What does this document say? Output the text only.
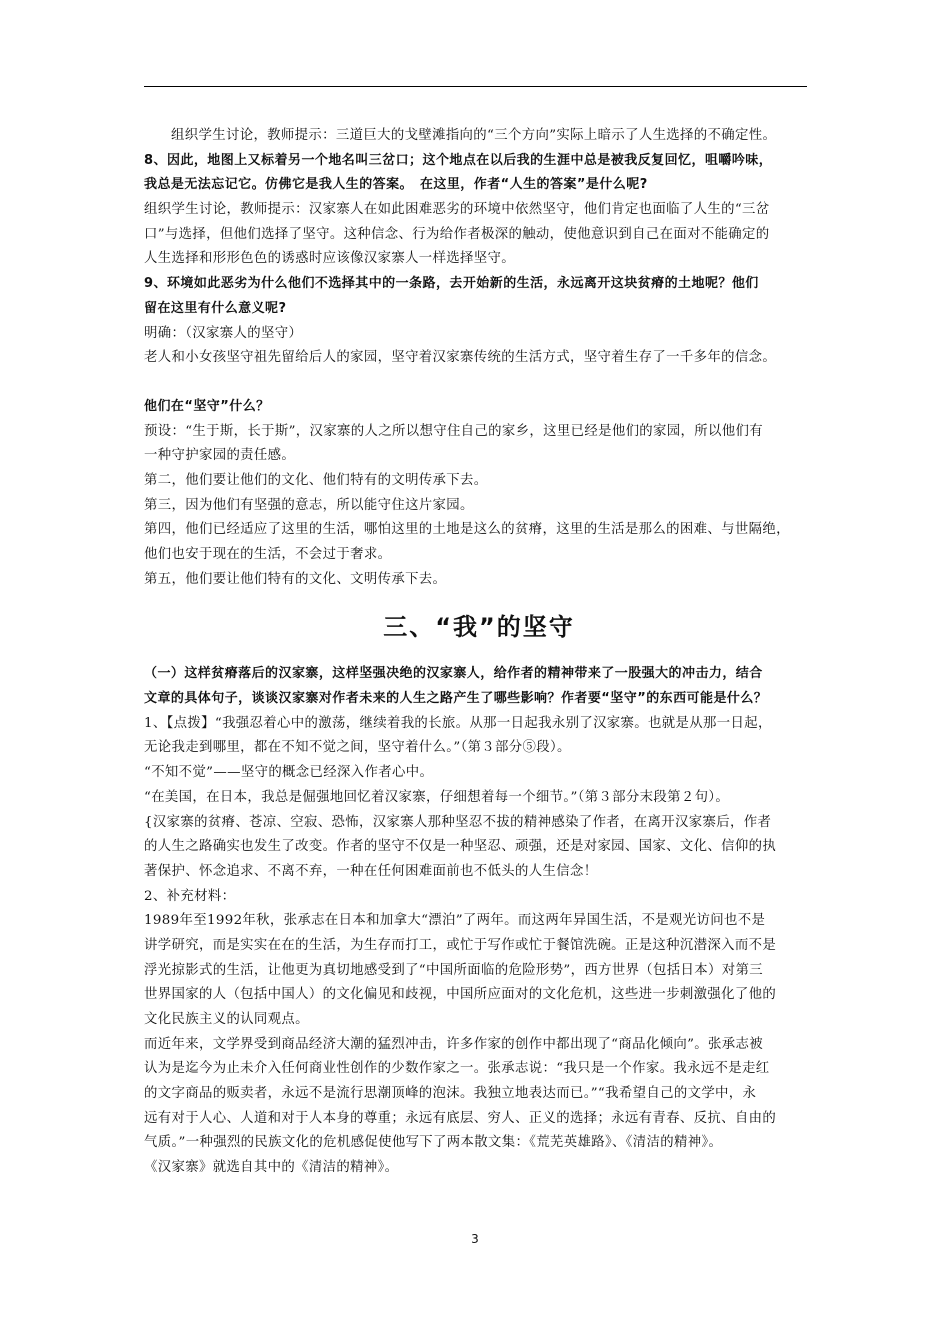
组织学生讨论，教师提示：三道巨大的戈壁滩指向的“三个方向”实际上暗示了人生选择的不确定性。
8、因此，地图上又标着另一个地名叫三岔口；这个地点在以后我的生涯中总是被我反复回忆，咀嚼吟味，
我总是无法忘记它。仿佛它是我人生的答案。　在这里，作者“人生的答案”是什么呢?
组织学生讨论，教师提示：汉家寨人在如此困难恶劣的环境中依然坚守，他们肯定也面临了人生的“三岔
口”与选择，但他们选择了坚守。这种信念、行为给作者极深的触动，使他意识到自己在面对不能确定的
人生选择和形形色色的诱惑时应该像汉家寨人一样选择坚守。
9、环境如此恶劣为什么他们不选择其中的一条路，去开始新的生活，永远离开这块贫瘠的土地呢？他们
留在这里有什么意义呢?
明确：（汉家寨人的坚守）
老人和小女孩坚守祖先留给后人的家园，坚守着汉家寨传统的生活方式，坚守着生存了一千多年的信念。
他们在“坚守”什么？
预设：“生于斯，长于斯”，汉家寨的人之所以想守住自己的家乡，这里已经是他们的家园，所以他们有
一种守护家园的责任感。
第二，他们要让他们的文化、他们特有的文明传承下去。
第三，因为他们有坚强的意志，所以能守住这片家园。
第四，他们已经适应了这里的生活，哪怕这里的土地是这么的贫瘠，这里的生活是那么的困难、与世隔绝，
他们也安于现在的生活，不会过于奢求。
第五，他们要让他们特有的文化、文明传承下去。
三、“我”的坚守
（一）这样贫瘠落后的汉家寨，这样坚强决绝的汉家寨人，给作者的精神带来了一股强大的冲击力，结合
文章的具体句子，谈谈汉家寨对作者未来的人生之路产生了哪些影响？作者要“坚守”的东西可能是什么？
1、【点拨】“我强忍着心中的激荡，继续着我的长旅。从那一日起我永别了汉家寨。也就是从那一日起，
无论我走到哪里，都在不知不觉之间，坚守着什么。”（第３部分⑤段）。
“不知不觉”——坚守的概念已经深入作者心中。
“在美国，在日本，我总是倔强地回忆着汉家寨，仔细想着每一个细节。”（第３部分末段第２句）。
{汉家寨的贫瘠、苍凉、空寂、恐怖，汉家寨人那种坚忍不拔的精神感染了作者，在离开汉家寨后，作者
的人生之路确实也发生了改变。作者的坚守不仅是一种坚忍、顽强，还是对家园、国家、文化、信仰的执
著保护、怀念追求、不离不弃，一种在任何困难面前也不低头的人生信念！
2、补充材料：
1989年至1992年秋，张承志在日本和加拿大“漂泊”了两年。而这两年异国生活，不是观光访问也不是
讲学研究，而是实实在在的生活，为生存而打工，或忙于写作或忙于餐馆洗碗。正是这种沉潜深入而不是
浮光掠影式的生活，让他更为真切地感受到了“中国所面临的危险形势”，西方世界（包括日本）对第三
世界国家的人（包括中国人）的文化偏见和歧视，中国所应面对的文化危机，这些进一步刺激强化了他的
文化民族主义的认同观点。
而近年来，文学界受到商品经济大潮的猛烈冲击，许多作家的创作中都出现了“商品化倾向”。张承志被
认为是迄今为止未介入任何商业性创作的少数作家之一。张承志说：“我只是一个作家。我永远不是走红
的文字商品的贩卖者，永远不是流行思潮顶峰的泡沫。我独立地表达而已。”“我希望自己的文学中，永
远有对于人心、人道和对于人本身的尊重；永远有底层、穷人、正义的选择；永远有青春、反抗、自由的
气质。”一种强烈的民族文化的危机感促使他写下了两本散文集：《荒芜英雄路》、《清洁的精神》。
《汉家寨》就选自其中的《清洁的精神》。
3
